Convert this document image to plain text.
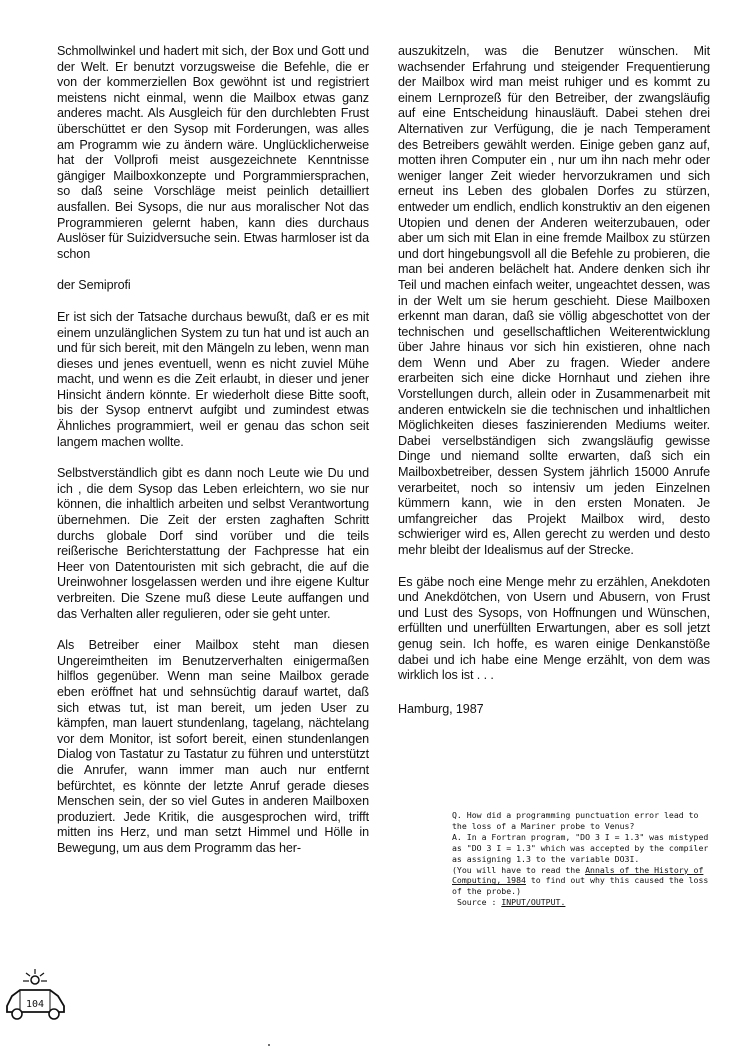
Schmollwinkel und hadert mit sich, der Box und Gott und der Welt. Er benutzt vorzugsweise die Befehle, die er von der kommerziellen Box gewöhnt ist und registriert meistens nicht einmal, wenn die Mailbox etwas ganz anderes macht. Als Ausgleich für den durchlebten Frust überschüttet er den Sysop mit Forderungen, was alles am Programm wie zu ändern wäre. Unglücklicherweise hat der Vollprofi meist ausgezeichnete Kenntnisse gängiger Mailboxkonzepte und Porgrammiersprachen, so daß seine Vorschläge meist peinlich detailliert ausfallen. Bei Sysops, die nur aus moralischer Not das Programmieren gelernt haben, kann dies durchaus Auslöser für Suizidversuche sein. Etwas harmloser ist da schon

der Semiprofi

Er ist sich der Tatsache durchaus bewußt, daß er es mit einem unzulänglichen System zu tun hat und ist auch an und für sich bereit, mit den Mängeln zu leben, wenn man dieses und jenes eventuell, wenn es nicht zuviel Mühe macht, und wenn es die Zeit erlaubt, in dieser und jener Hinsicht ändern könnte. Er wiederholt diese Bitte sooft, bis der Sysop entnervt aufgibt und zumindest etwas Ähnliches programmiert, weil er genau das schon seit langem machen wollte.

Selbstverständlich gibt es dann noch Leute wie Du und ich , die dem Sysop das Leben erleichtern, wo sie nur können, die inhaltlich arbeiten und selbst Verantwortung übernehmen. Die Zeit der ersten zaghaften Schritt durchs globale Dorf sind vorüber und die teils reißerische Berichterstattung der Fachpresse hat ein Heer von Datentouristen mit sich gebracht, die auf die Ureinwohner losgelassen werden und ihre eigene Kultur verbreiten. Die Szene muß diese Leute auffangen und das Verhalten aller regulieren, oder sie geht unter.

Als Betreiber einer Mailbox steht man diesen Ungereimtheiten im Benutzerverhalten einigermaßen hilflos gegenüber. Wenn man seine Mailbox gerade eben eröffnet hat und sehnsüchtig darauf wartet, daß sich etwas tut, ist man bereit, um jeden User zu kämpfen, man lauert stundenlang, tagelang, nächtelang vor dem Monitor, ist sofort bereit, einen stundenlangen Dialog von Tastatur zu Tastatur zu führen und unterstützt die Anrufer, wann immer man auch nur entfernt befürchtet, es könnte der letzte Anruf gerade dieses Menschen sein, der so viel Gutes in anderen Mailboxen produziert. Jede Kritik, die ausgesprochen wird, trifft mitten ins Herz, und man setzt Himmel und Hölle in Bewegung, um aus dem Programm das her-

auszukitzeln, was die Benutzer wünschen. Mit wachsender Erfahrung und steigender Frequentierung der Mailbox wird man meist ruhiger und es kommt zu einem Lernprozeß für den Betreiber, der zwangsläufig auf eine Entscheidung hinausläuft. Dabei stehen drei Alternativen zur Verfügung, die je nach Temperament des Betreibers gewählt werden. Einige geben ganz auf, motten ihren Computer ein , nur um ihn nach mehr oder weniger langer Zeit wieder hervorzukramen und sich erneut ins Leben des globalen Dorfes zu stürzen, entweder um endlich, endlich konstruktiv an den eigenen Utopien und denen der Anderen weiterzubauen, oder aber um sich mit Elan in eine fremde Mailbox zu stürzen und dort hingebungsvoll all die Befehle zu probieren, die man bei anderen belächelt hat. Andere denken sich ihr Teil und machen einfach weiter, ungeachtet dessen, was in der Welt um sie herum geschieht. Diese Mailboxen erkennt man daran, daß sie völlig abgeschottet von der technischen und gesellschaftlichen Weiterentwicklung über Jahre hinaus vor sich hin existieren, ohne nach dem Wenn und Aber zu fragen. Wieder andere erarbeiten sich eine dicke Hornhaut und ziehen ihre Vorstellungen durch, allein oder in Zusammenarbeit mit anderen entwickeln sie die technischen und inhaltlichen Möglichkeiten dieses faszinierenden Mediums weiter. Dabei verselbständigen sich zwangsläufig gewisse Dinge und niemand sollte erwarten, daß sich ein Mailboxbetreiber, dessen System jährlich 15000 Anrufe verarbeitet, noch so intensiv um jeden Einzelnen kümmern kann, wie in den ersten Monaten. Je umfangreicher das Projekt Mailbox wird, desto schwieriger wird es, Allen gerecht zu werden und desto mehr bleibt der Idealismus auf der Strecke.

Es gäbe noch eine Menge mehr zu erzählen, Anekdoten und Anekdötchen, von Usern und Abusern, von Frust und Lust des Sysops, von Hoffnungen und Wünschen, erfüllten und unerfüllten Erwartungen, aber es soll jetzt genug sein. Ich hoffe, es waren einige Denkanstöße dabei und ich habe eine Menge erzählt, von dem was wirklich los ist . . .

Hamburg, 1987

Q. How did a programming punctuation error lead to the loss of a Mariner probe to Venus?
A. In a Fortran program, "DO 3 I = 1.3" was mistyped as "DO 3 I = 1.3" which was accepted by the compiler as assigning 1.3 to the variable DO3I.
(You will have to read the Annals of the History of Computing, 1984 to find out why this caused the loss of the probe.)
Source : INPUT/OUTPUT.
104
